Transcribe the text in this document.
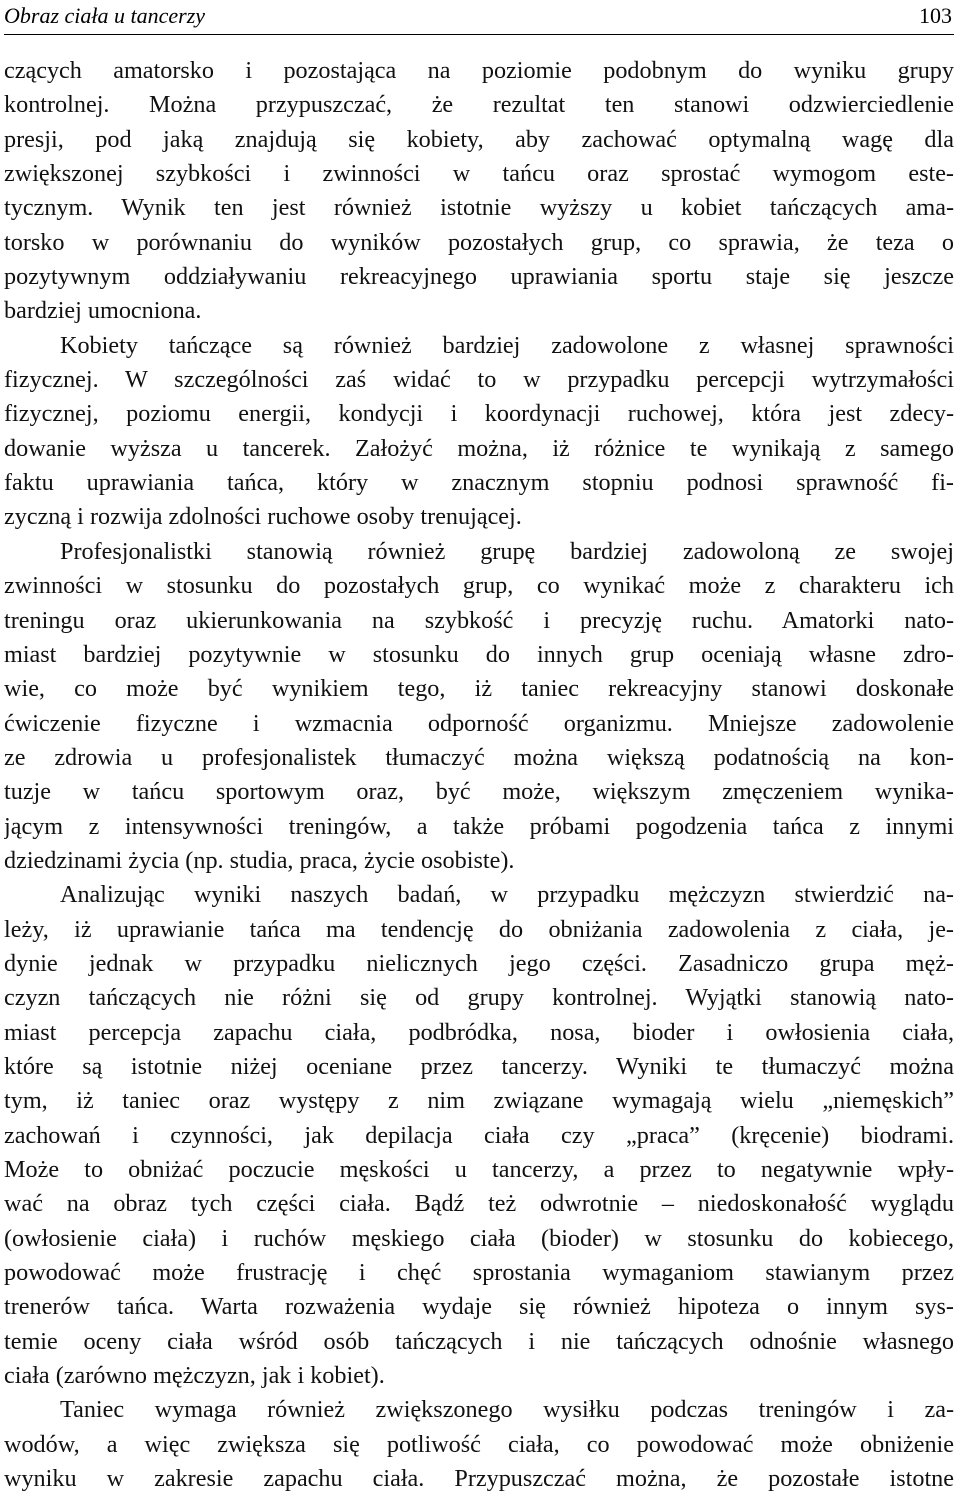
Obraz ciała u tancerzy	103
czących amatorsko i pozostająca na poziomie podobnym do wyniku grupy
kontrolnej. Można przypuszczać, że rezultat ten stanowi odzwierciedlenie
presji, pod jaką znajdują się kobiety, aby zachować optymalną wagę dla
zwiększonej szybkości i zwinności w tańcu oraz sprostać wymogom este-
tycznym. Wynik ten jest również istotnie wyższy u kobiet tańczących ama-
torsko w porównaniu do wyników pozostałych grup, co sprawia, że teza o
pozytywnym oddziaływaniu rekreacyjnego uprawiania sportu staje się jeszcze
bardziej umocniona.
Kobiety tańczące są również bardziej zadowolone z własnej sprawności
fizycznej. W szczególności zaś widać to w przypadku percepcji wytrzymałości
fizycznej, poziomu energii, kondycji i koordynacji ruchowej, która jest zdecy-
dowanie wyższa u tancerek. Założyć można, iż różnice te wynikają z samego
faktu uprawiania tańca, który w znacznym stopniu podnosi sprawność fi-
zyczną i rozwija zdolności ruchowe osoby trenującej.
Profesjonalistki stanowią również grupę bardziej zadowoloną ze swojej
zwinności w stosunku do pozostałych grup, co wynikać może z charakteru ich
treningu oraz ukierunkowania na szybkość i precyzję ruchu. Amatorki nato-
miast bardziej pozytywnie w stosunku do innych grup oceniają własne zdro-
wie, co może być wynikiem tego, iż taniec rekreacyjny stanowi doskonałe
ćwiczenie fizyczne i wzmacnia odporność organizmu. Mniejsze zadowolenie
ze zdrowia u profesjonalistek tłumaczyć można większą podatnością na kon-
tuzje w tańcu sportowym oraz, być może, większym zmęczeniem wynika-
jącym z intensywności treningów, a także próbami pogodzenia tańca z innymi
dziedzinami życia (np. studia, praca, życie osobiste).
Analizując wyniki naszych badań, w przypadku mężczyzn stwierdzić na-
leży, iż uprawianie tańca ma tendencję do obniżania zadowolenia z ciała, je-
dynie jednak w przypadku nielicznych jego części. Zasadniczo grupa męż-
czyzn tańczących nie różni się od grupy kontrolnej. Wyjątki stanowią nato-
miast percepcja zapachu ciała, podbródka, nosa, bioder i owłosienia ciała,
które są istotnie niżej oceniane przez tancerzy. Wyniki te tłumaczyć można
tym, iż taniec oraz występy z nim związane wymagają wielu „niemęskich”
zachowań i czynności, jak depilacja ciała czy „praca” (kręcenie) biodrami.
Może to obniżać poczucie męskości u tancerzy, a przez to negatywnie wpły-
wać na obraz tych części ciała. Bądź też odwrotnie – niedoskonałość wyglądu
(owłosienie ciała) i ruchów męskiego ciała (bioder) w stosunku do kobiecego,
powodować może frustrację i chęć sprostania wymaganiom stawianym przez
trenerów tańca. Warta rozważenia wydaje się również hipoteza o innym sys-
temie oceny ciała wśród osób tańczących i nie tańczących odnośnie własnego
ciała (zarówno mężczyzn, jak i kobiet).
Taniec wymaga również zwiększonego wysiłku podczas treningów i za-
wodów, a więc zwiększa się potliwość ciała, co powodować może obniżenie
wyniku w zakresie zapachu ciała. Przypuszczać można, że pozostałe istotne
